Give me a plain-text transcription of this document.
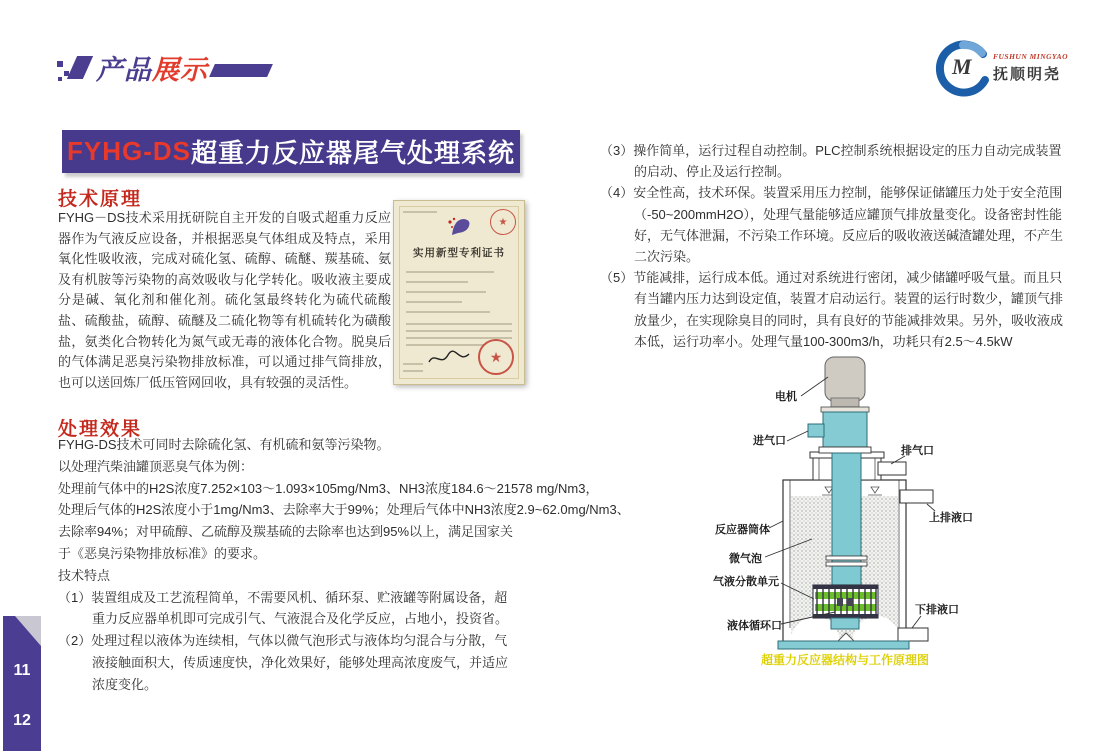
产品展示	M	FUSHUN MINGYAO
抚顺明尧
FYHG-DS 超重力反应器尾气处理系统
技术原理
FYHG－DS技术采用抚研院自主开发的自吸式超重力反应器作为气液反应设备，并根据恶臭气体组成及特点，采用氧化性吸收液，完成对硫化氢、硫醇、硫醚、羰基硫、氨及有机胺等污染物的高效吸收与化学转化。吸收液主要成分是碱、氧化剂和催化剂。硫化氢最终转化为硫代硫酸盐、硫酸盐，硫醇、硫醚及二硫化物等有机硫转化为磺酸盐，氨类化合物转化为氮气或无毒的液体化合物。脱臭后的气体满足恶臭污染物排放标准，可以通过排气筒排放，也可以送回炼厂低压管网回收，具有较强的灵活性。
实用新型专利证书
★
★
处理效果
FYHG-DS技术可同时去除硫化氢、有机硫和氨等污染物。
以处理汽柴油罐顶恶臭气体为例：
处理前气体中的H2S浓度7.252×103～1.093×105mg/Nm3、NH3浓度184.6～21578 mg/Nm3，
处理后气体的H2S浓度小于1mg/Nm3、去除率大于99%；处理后气体中NH3浓度2.9~62.0mg/Nm3、
去除率94%；对甲硫醇、乙硫醇及羰基硫的去除率也达到95%以上，满足国家关于《恶臭污染物排放标准》的要求。
技术特点
（1）装置组成及工艺流程简单，不需要风机、循环泵、贮液罐等附属设备，超重力反应器单机即可完成引气、气液混合及化学反应，占地小，投资省。
（2）处理过程以液体为连续相，气体以微气泡形式与液体均匀混合与分散，气液接触面积大，传质速度快，净化效果好，能够处理高浓度废气，并适应浓度变化。
（3）操作简单，运行过程自动控制。PLC控制系统根据设定的压力自动完成装置的启动、停止及运行控制。
（4）安全性高，技术环保。装置采用压力控制，能够保证储罐压力处于安全范围（-50~200mmH2O），处理气量能够适应罐顶气排放量变化。设备密封性能好，无气体泄漏，不污染工作环境。反应后的吸收液送碱渣罐处理，不产生二次污染。
（5）节能减排，运行成本低。通过对系统进行密闭，减少储罐呼吸气量。而且只有当罐内压力达到设定值，装置才启动运行。装置的运行时数少，罐顶气排放量少，在实现除臭目的同时，具有良好的节能减排效果。另外，吸收液成本低，运行功率小。处理气量100-300m3/h，功耗只有2.5～4.5kW
电机
进气口
排气口
上排液口
反应器筒体
微气泡
气液分散单元
液体循环口
下排液口
超重力反应器结构与工作原理图
11
12
